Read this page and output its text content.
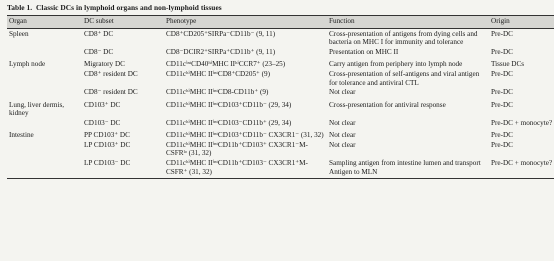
Table 1. Classic DCs in lymphoid organs and non-lymphoid tissues
Organ	DC subset	Phenotype	Function	Origin
Spleen	CD8⁺ DC	CD8⁺CD205⁺SIRPa⁻CD11b⁻ (9, 11)	Cross-presentation of antigens from dying cells and bacteria on MHC I for immunity and tolerance	Pre-DC
	CD8⁻ DC	CD8⁻DCIR2⁺SIRPa⁺CD11b⁺ (9, 11)	Presentation on MHC II	Pre-DC
Lymph node	Migratory DC	CD11cⁱⁿᵗCD40ʰⁱMHC IIʰⁱCCR7⁺ (23–25)	Carry antigen from periphery into lymph node	Tissue DCs
	CD8⁺ resident DC	CD11cʰⁱMHC IIⁱⁿᵗCD8⁺CD205⁺ (9)	Cross-presentation of self-antigens and viral antigen for tolerance and antiviral CTL	Pre-DC
	CD8⁻ resident DC	CD11cʰⁱMHC IIⁱⁿᵗCD8-CD11b⁺ (9)	Not clear	Pre-DC
Lung, liver dermis, kidney	CD103⁺ DC	CD11cʰⁱMHC IIⁱⁿᵗCD103⁺CD11b⁻ (29, 34)	Cross-presentation for antiviral response	Pre-DC
	CD103⁻ DC	CD11cʰⁱMHC IIⁱⁿᵗCD103⁻CD11b⁺ (29, 34)	Not clear	Pre-DC + monocyte?
Intestine	PP CD103⁺ DC	CD11cʰⁱMHC IIⁱⁿᵗCD103⁺CD11b⁻ CX3CR1⁻ (31, 32)	Not clear	Pre-DC
	LP CD103⁺ DC	CD11cʰⁱMHC IIⁱⁿᵗCD11b⁺CD103⁺ CX3CR1⁻M-CSFRˡᵒ (31, 32)	Not clear	Pre-DC
	LP CD103⁻ DC	CD11cʰⁱMHC IIⁱⁿᵗCD11b⁺CD103⁻ CX3CR1⁺M-CSFR⁺ (31, 32)	Sampling antigen from intestine lumen and transport Antigen to MLN	Pre-DC + monocyte?
